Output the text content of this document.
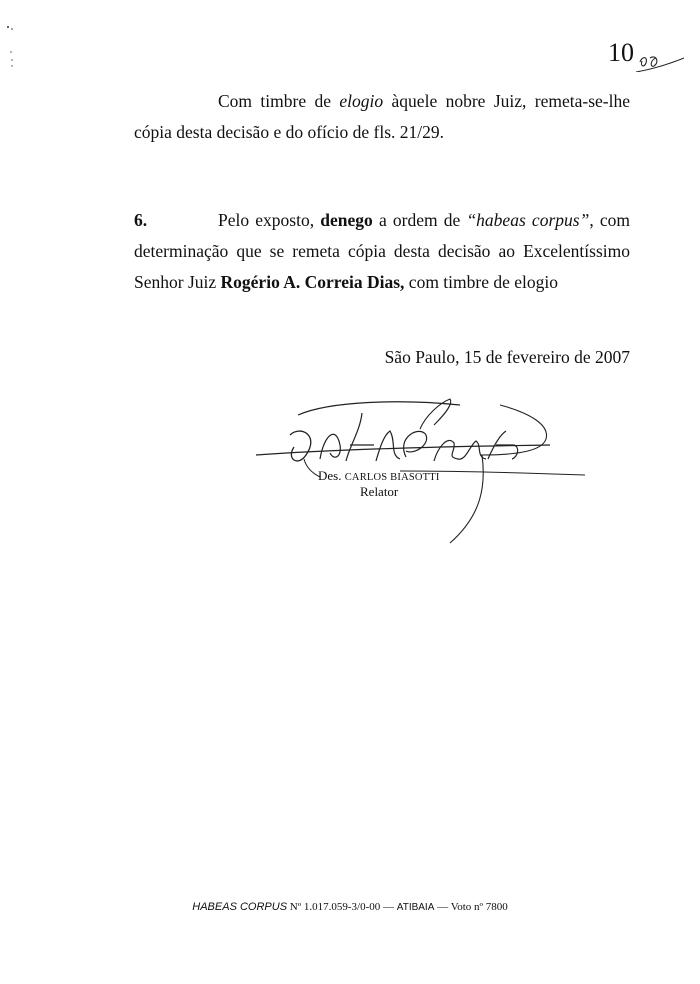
10
Com timbre de elogio àquele nobre Juiz, remeta-se-lhe
cópia desta decisão e do ofício de fls. 21/29.
6.	Pelo exposto, denego a ordem de “habeas corpus”, com
determinação que se remeta cópia desta decisão ao Excelentíssimo
Senhor Juiz Rogério A. Correia Dias, com timbre de elogio
São Paulo, 15 de fevereiro de 2007
Des. CARLOS BIASOTTI
Relator
HABEAS CORPUS Nº 1.017.059-3/0-00 — ATIBAIA — Voto nº 7800
